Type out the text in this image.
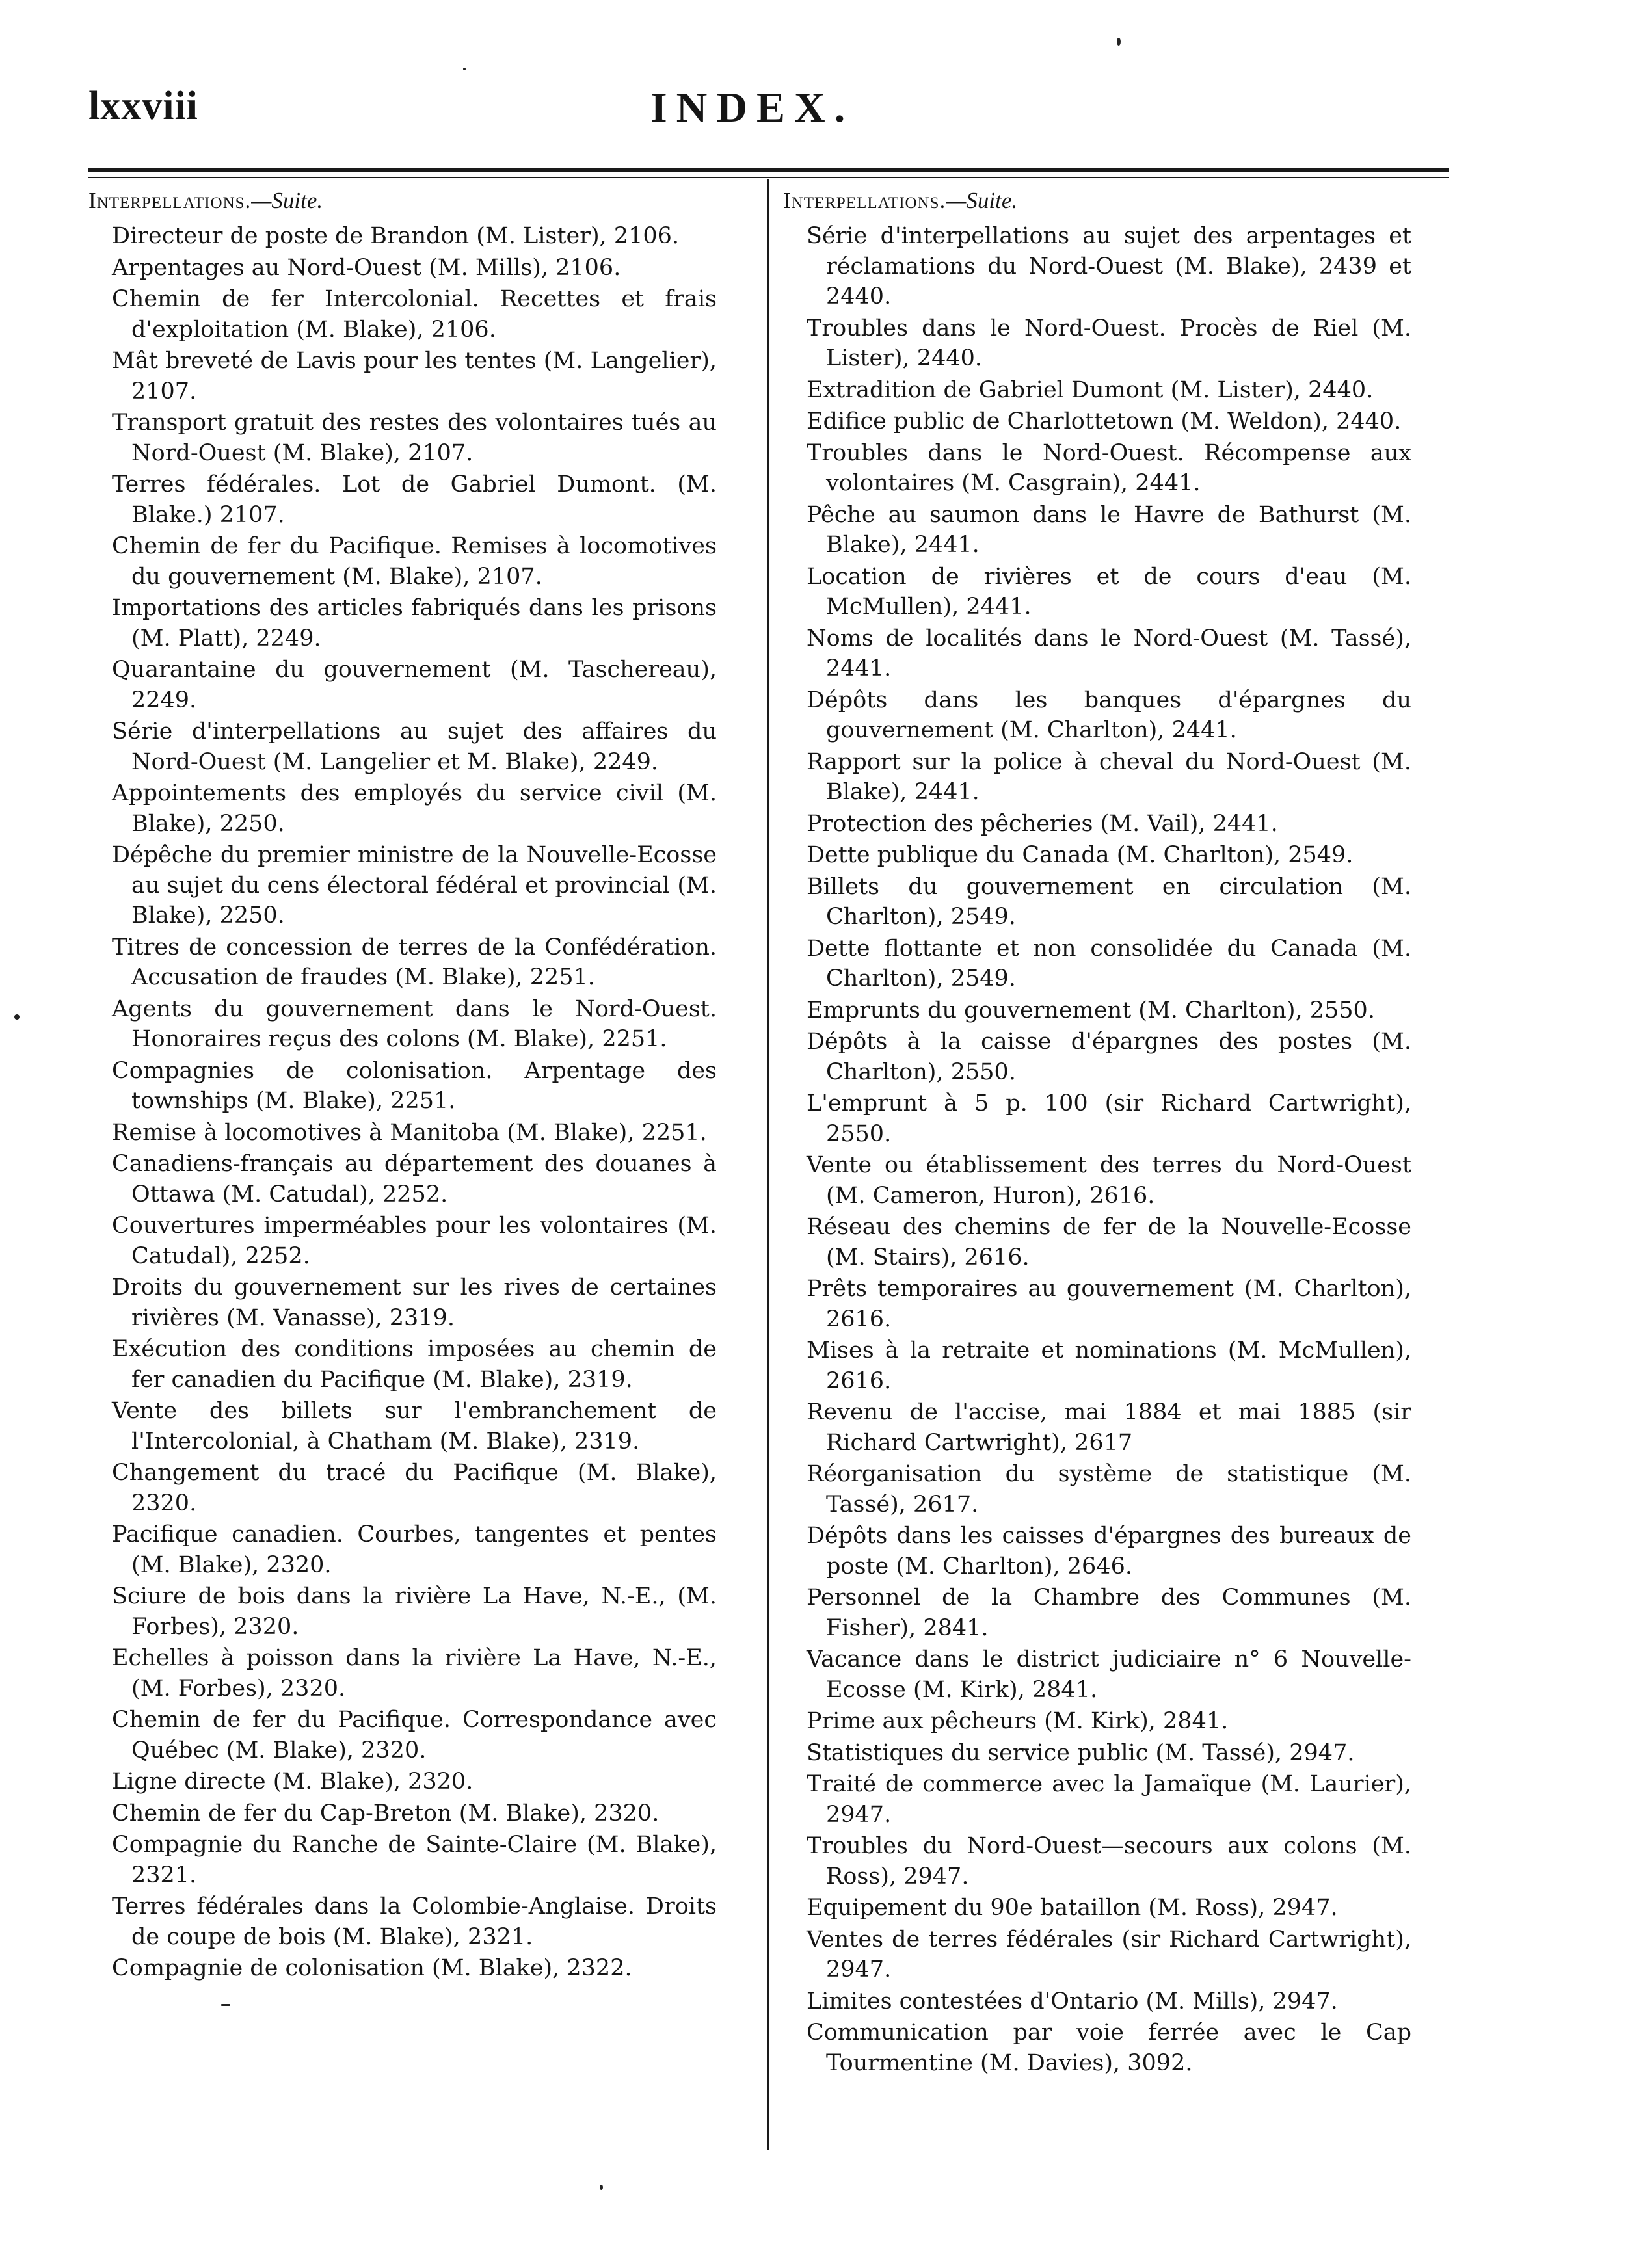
lxxviii	INDEX.
Interpellations.—Suite.

Directeur de poste de Brandon (M. Lister), 2106.

Arpentages au Nord-Ouest (M. Mills), 2106.

Chemin de fer Intercolonial. Recettes et frais d'exploitation (M. Blake), 2106.

Mât breveté de Lavis pour les tentes (M. Langelier), 2107.

Transport gratuit des restes des volontaires tués au Nord-Ouest (M. Blake), 2107.

Terres fédérales. Lot de Gabriel Dumont. (M. Blake.) 2107.

Chemin de fer du Pacifique. Remises à locomotives du gouvernement (M. Blake), 2107.

Importations des articles fabriqués dans les prisons (M. Platt), 2249.

Quarantaine du gouvernement (M. Taschereau), 2249.

Série d'interpellations au sujet des affaires du Nord-Ouest (M. Langelier et M. Blake), 2249.

Appointements des employés du service civil (M. Blake), 2250.

Dépêche du premier ministre de la Nouvelle-Ecosse au sujet du cens électoral fédéral et provincial (M. Blake), 2250.

Titres de concession de terres de la Confédération. Accusation de fraudes (M. Blake), 2251.

Agents du gouvernement dans le Nord-Ouest. Honoraires reçus des colons (M. Blake), 2251.

Compagnies de colonisation. Arpentage des townships (M. Blake), 2251.

Remise à locomotives à Manitoba (M. Blake), 2251.

Canadiens-français au département des douanes à Ottawa (M. Catudal), 2252.

Couvertures imperméables pour les volontaires (M. Catudal), 2252.

Droits du gouvernement sur les rives de certaines rivières (M. Vanasse), 2319.

Exécution des conditions imposées au chemin de fer canadien du Pacifique (M. Blake), 2319.

Vente des billets sur l'embranchement de l'Intercolonial, à Chatham (M. Blake), 2319.

Changement du tracé du Pacifique (M. Blake), 2320.

Pacifique canadien. Courbes, tangentes et pentes (M. Blake), 2320.

Sciure de bois dans la rivière La Have, N.-E., (M. Forbes), 2320.

Echelles à poisson dans la rivière La Have, N.-E., (M. Forbes), 2320.

Chemin de fer du Pacifique. Correspondance avec Québec (M. Blake), 2320.

Ligne directe (M. Blake), 2320.

Chemin de fer du Cap-Breton (M. Blake), 2320.

Compagnie du Ranche de Sainte-Claire (M. Blake), 2321.

Terres fédérales dans la Colombie-Anglaise. Droits de coupe de bois (M. Blake), 2321.

Compagnie de colonisation (M. Blake), 2322.

Interpellations.—Suite.

Série d'interpellations au sujet des arpentages et réclamations du Nord-Ouest (M. Blake), 2439 et 2440.

Troubles dans le Nord-Ouest. Procès de Riel (M. Lister), 2440.

Extradition de Gabriel Dumont (M. Lister), 2440.

Edifice public de Charlottetown (M. Weldon), 2440.

Troubles dans le Nord-Ouest. Récompense aux volontaires (M. Casgrain), 2441.

Pêche au saumon dans le Havre de Bathurst (M. Blake), 2441.

Location de rivières et de cours d'eau (M. McMullen), 2441.

Noms de localités dans le Nord-Ouest (M. Tassé), 2441.

Dépôts dans les banques d'épargnes du gouvernement (M. Charlton), 2441.

Rapport sur la police à cheval du Nord-Ouest (M. Blake), 2441.

Protection des pêcheries (M. Vail), 2441.

Dette publique du Canada (M. Charlton), 2549.

Billets du gouvernement en circulation (M. Charlton), 2549.

Dette flottante et non consolidée du Canada (M. Charlton), 2549.

Emprunts du gouvernement (M. Charlton), 2550.

Dépôts à la caisse d'épargnes des postes (M. Charlton), 2550.

L'emprunt à 5 p. 100 (sir Richard Cartwright), 2550.

Vente ou établissement des terres du Nord-Ouest (M. Cameron, Huron), 2616.

Réseau des chemins de fer de la Nouvelle-Ecosse (M. Stairs), 2616.

Prêts temporaires au gouvernement (M. Charlton), 2616.

Mises à la retraite et nominations (M. McMullen), 2616.

Revenu de l'accise, mai 1884 et mai 1885 (sir Richard Cartwright), 2617

Réorganisation du système de statistique (M. Tassé), 2617.

Dépôts dans les caisses d'épargnes des bureaux de poste (M. Charlton), 2646.

Personnel de la Chambre des Communes (M. Fisher), 2841.

Vacance dans le district judiciaire n° 6 Nouvelle-Ecosse (M. Kirk), 2841.

Prime aux pêcheurs (M. Kirk), 2841.

Statistiques du service public (M. Tassé), 2947.

Traité de commerce avec la Jamaïque (M. Laurier), 2947.

Troubles du Nord-Ouest—secours aux colons (M. Ross), 2947.

Equipement du 90e bataillon (M. Ross), 2947.

Ventes de terres fédérales (sir Richard Cartwright), 2947.

Limites contestées d'Ontario (M. Mills), 2947.

Communication par voie ferrée avec le Cap Tourmentine (M. Davies), 3092.
